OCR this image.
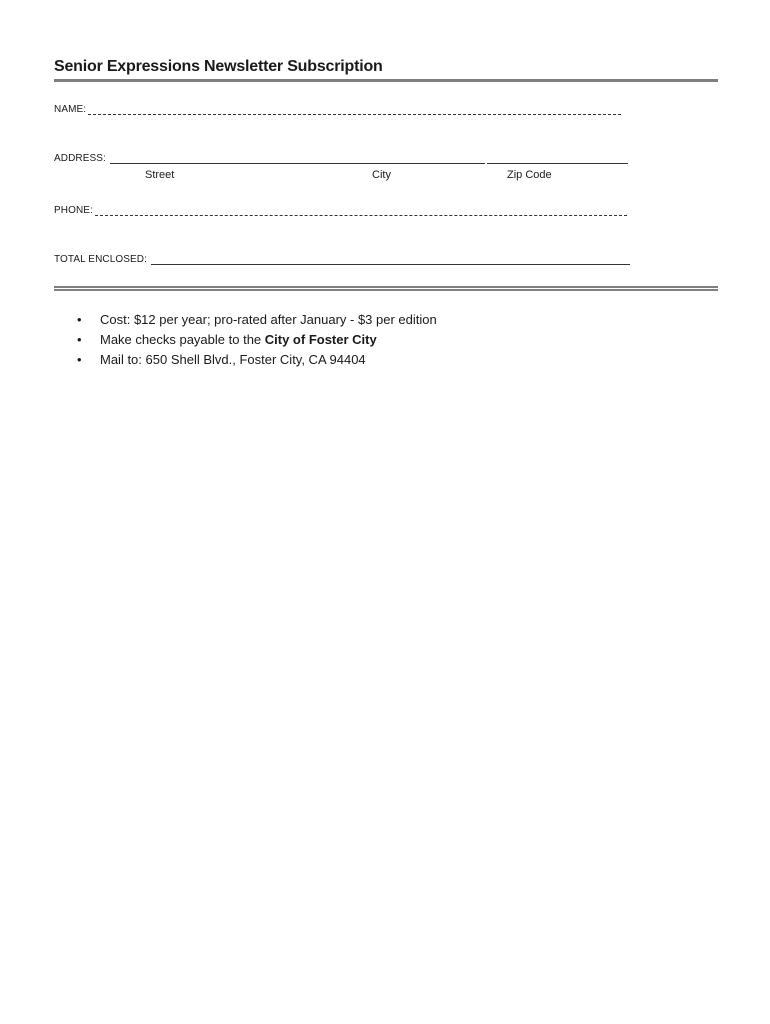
Senior Expressions Newsletter Subscription
NAME:
ADDRESS:
Street	City	Zip Code
PHONE:
TOTAL ENCLOSED:
• Cost: $12 per year; pro-rated after January - $3 per edition
• Make checks payable to the City of Foster City
• Mail to: 650 Shell Blvd., Foster City, CA 94404
